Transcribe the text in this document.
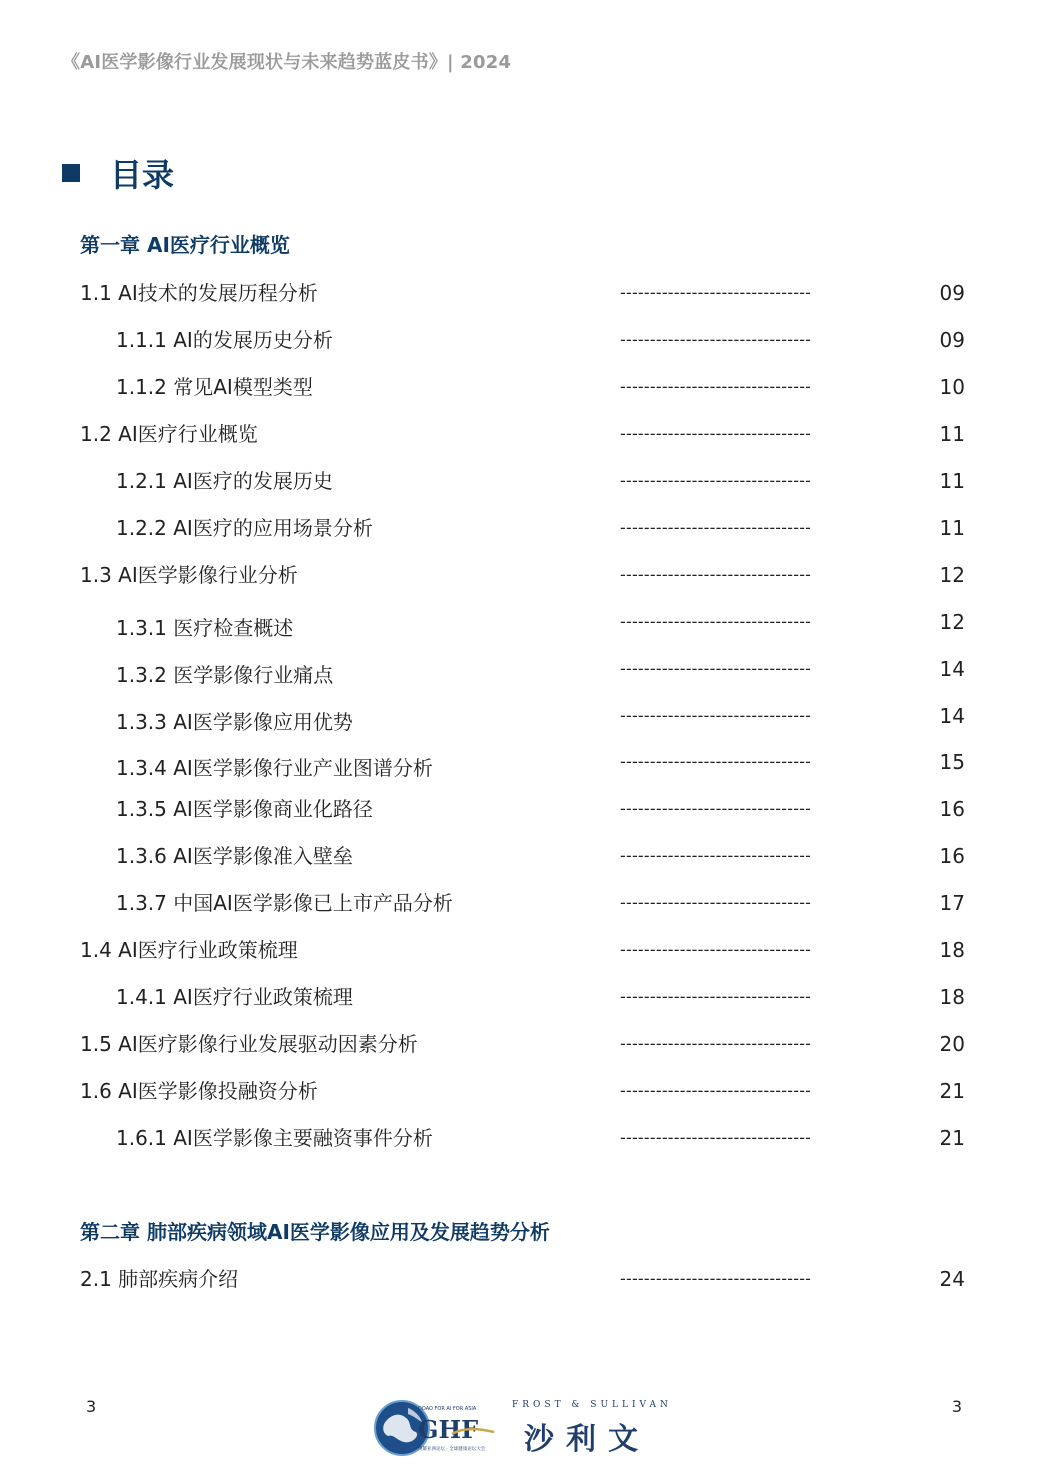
《AI医学影像行业发展现状与未来趋势蓝皮书》| 2024
目录
第一章 AI医疗行业概览
1.1 AI技术的发展历程分析	--------------------------------	09
1.1.1 AI的发展历史分析	--------------------------------	09
1.1.2 常见AI模型类型	--------------------------------	10
1.2 AI医疗行业概览	--------------------------------	11
1.2.1 AI医疗的发展历史	--------------------------------	11
1.2.2 AI医疗的应用场景分析	--------------------------------	11
1.3 AI医学影像行业分析	--------------------------------	12
1.3.1 医疗检查概述	--------------------------------	12
1.3.2 医学影像行业痛点	--------------------------------	14
1.3.3 AI医学影像应用优势	--------------------------------	14
1.3.4 AI医学影像行业产业图谱分析	--------------------------------	15
1.3.5 AI医学影像商业化路径	--------------------------------	16
1.3.6 AI医学影像准入壁垒	--------------------------------	16
1.3.7 中国AI医学影像已上市产品分析	--------------------------------	17
1.4 AI医疗行业政策梳理	--------------------------------	18
1.4.1 AI医疗行业政策梳理	--------------------------------	18
1.5 AI医疗影像行业发展驱动因素分析	--------------------------------	20
1.6 AI医学影像投融资分析	--------------------------------	21
1.6.1 AI医学影像主要融资事件分析	--------------------------------	21
第二章 肺部疾病领域AI医学影像应用及发展趋势分析
2.1 肺部疾病介绍	--------------------------------	24
3	3
DOAO FOR AI FOR ASIA
GHF
博鳌亚洲论坛 · 全球健康论坛大会
FROST & SULLIVAN
沙利文
